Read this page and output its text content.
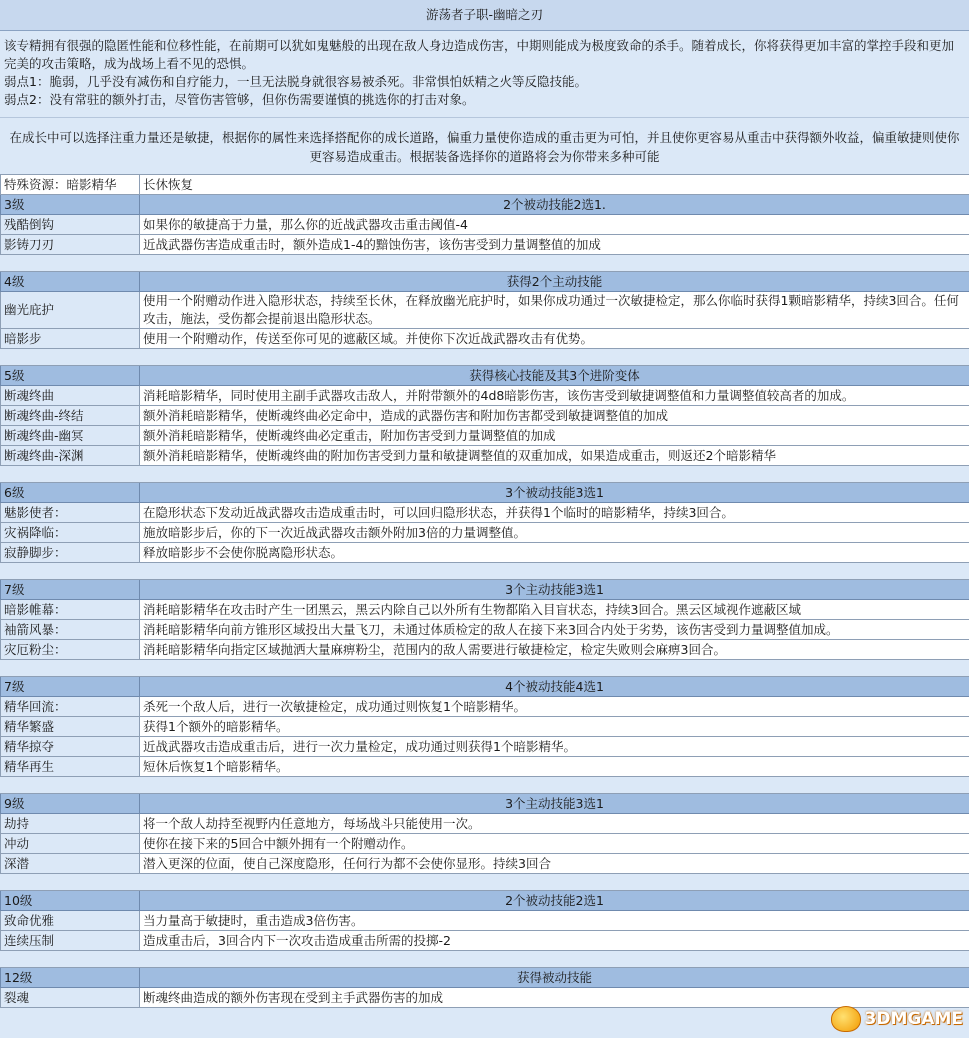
游荡者子职-幽暗之刃
该专精拥有很强的隐匿性能和位移性能，在前期可以犹如鬼魅般的出现在敌人身边造成伤害，中期则能成为极度致命的杀手。随着成长，你将获得更加丰富的掌控手段和更加完美的攻击策略，成为战场上看不见的恐惧。
弱点1：脆弱，几乎没有减伤和自疗能力，一旦无法脱身就很容易被杀死。非常惧怕妖精之火等反隐技能。
弱点2：没有常驻的额外打击，尽管伤害管够，但你伤需要谨慎的挑选你的打击对象。
在成长中可以选择注重力量还是敏捷，根据你的属性来选择搭配你的成长道路，偏重力量使你造成的重击更为可怕，并且使你更容易从重击中获得额外收益，偏重敏捷则使你更容易造成重击。根据装备选择你的道路将会为你带来多种可能
特殊资源：暗影精华	长休恢复
3级	2个被动技能2选1.
残酷倒钩	如果你的敏捷高于力量，那么你的近战武器攻击重击阈值-4
影铸刀刃	近战武器伤害造成重击时，额外造成1-4的黯蚀伤害，该伤害受到力量调整值的加成

4级	获得2个主动技能
幽光庇护	使用一个附赠动作进入隐形状态，持续至长休，在释放幽光庇护时，如果你成功通过一次敏捷检定，那么你临时获得1颗暗影精华，持续3回合。任何攻击，施法，受伤都会提前退出隐形状态。
暗影步	使用一个附赠动作，传送至你可见的遮蔽区域。并使你下次近战武器攻击有优势。

5级	获得核心技能及其3个进阶变体
断魂终曲	消耗暗影精华，同时使用主副手武器攻击敌人，并附带额外的4d8暗影伤害，该伤害受到敏捷调整值和力量调整值较高者的加成。
断魂终曲-终结	额外消耗暗影精华，使断魂终曲必定命中，造成的武器伤害和附加伤害都受到敏捷调整值的加成
断魂终曲-幽冥	额外消耗暗影精华，使断魂终曲必定重击，附加伤害受到力量调整值的加成
断魂终曲-深渊	额外消耗暗影精华，使断魂终曲的附加伤害受到力量和敏捷调整值的双重加成，如果造成重击，则返还2个暗影精华

6级	3个被动技能3选1
魅影使者：	在隐形状态下发动近战武器攻击造成重击时，可以回归隐形状态，并获得1个临时的暗影精华，持续3回合。
灾祸降临：	施放暗影步后，你的下一次近战武器攻击额外附加3倍的力量调整值。
寂静脚步：	释放暗影步不会使你脱离隐形状态。

7级	3个主动技能3选1
暗影帷幕：	消耗暗影精华在攻击时产生一团黑云，黑云内除自己以外所有生物都陷入目盲状态，持续3回合。黑云区域视作遮蔽区域
袖箭风暴：	消耗暗影精华向前方锥形区域投出大量飞刀，未通过体质检定的敌人在接下来3回合内处于劣势，该伤害受到力量调整值加成。
灾厄粉尘：	消耗暗影精华向指定区域抛洒大量麻痹粉尘，范围内的敌人需要进行敏捷检定，检定失败则会麻痹3回合。

7级	4个被动技能4选1
精华回流：	杀死一个敌人后，进行一次敏捷检定，成功通过则恢复1个暗影精华。
精华繁盛	获得1个额外的暗影精华。
精华掠夺	近战武器攻击造成重击后，进行一次力量检定，成功通过则获得1个暗影精华。
精华再生	短休后恢复1个暗影精华。

9级	3个主动技能3选1
劫持	将一个敌人劫持至视野内任意地方，每场战斗只能使用一次。
冲动	使你在接下来的5回合中额外拥有一个附赠动作。
深潜	潜入更深的位面，使自己深度隐形，任何行为都不会使你显形。持续3回合

10级	2个被动技能2选1
致命优雅	当力量高于敏捷时，重击造成3倍伤害。
连续压制	造成重击后，3回合内下一次攻击造成重击所需的投掷-2

12级	获得被动技能
裂魂	断魂终曲造成的额外伤害现在受到主手武器伤害的加成
3DMGAME
